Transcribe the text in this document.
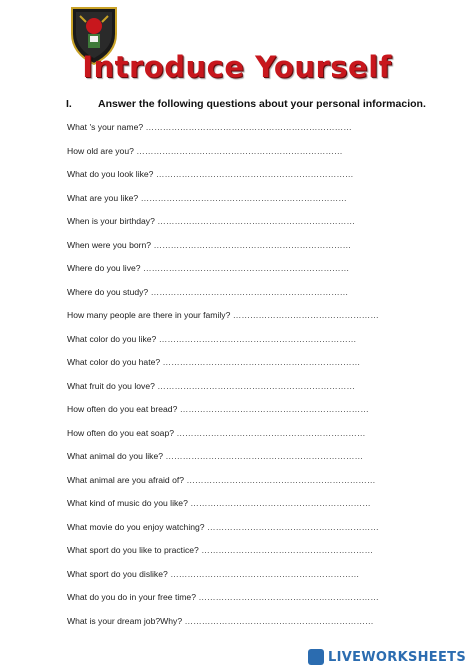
Introduce Yourself
I. Answer the following questions about your personal informacion.
What 's your name? ………………………………………………………………
How old are you? ………………………………………………………………
What do you look like? ……………………………………………………………
What are you like? ………………………………………………………………
When is your birthday? ……………………………………………………………
When were you born? ……………………………………………………………
Where do you live? ………………………………………………………………
Where do you study? ……………………………………………………………
How many people are there in your family? ……………………………………………
What color do you like? ……………………………………………………………
What color do you hate? ……………………………………………………………
What fruit do you love? ……………………………………………………………
How often do you eat bread? …………………………………………………………
How often do you eat soap? …………………………………………………………
What animal do you like? ……………………………………………………………
What animal are you afraid of? …………………………………………………………
What kind of music do you like? ………………………………………………………
What movie do you enjoy watching? ……………………………………………………
What sport do you like to practice? ……………………………………………………
What sport do you dislike? …………………………………………………………
What do you do in your free time? ………………………………………………………
What is your dream job?Why? …………………………………………………………
LIVEWORKSHEETS
